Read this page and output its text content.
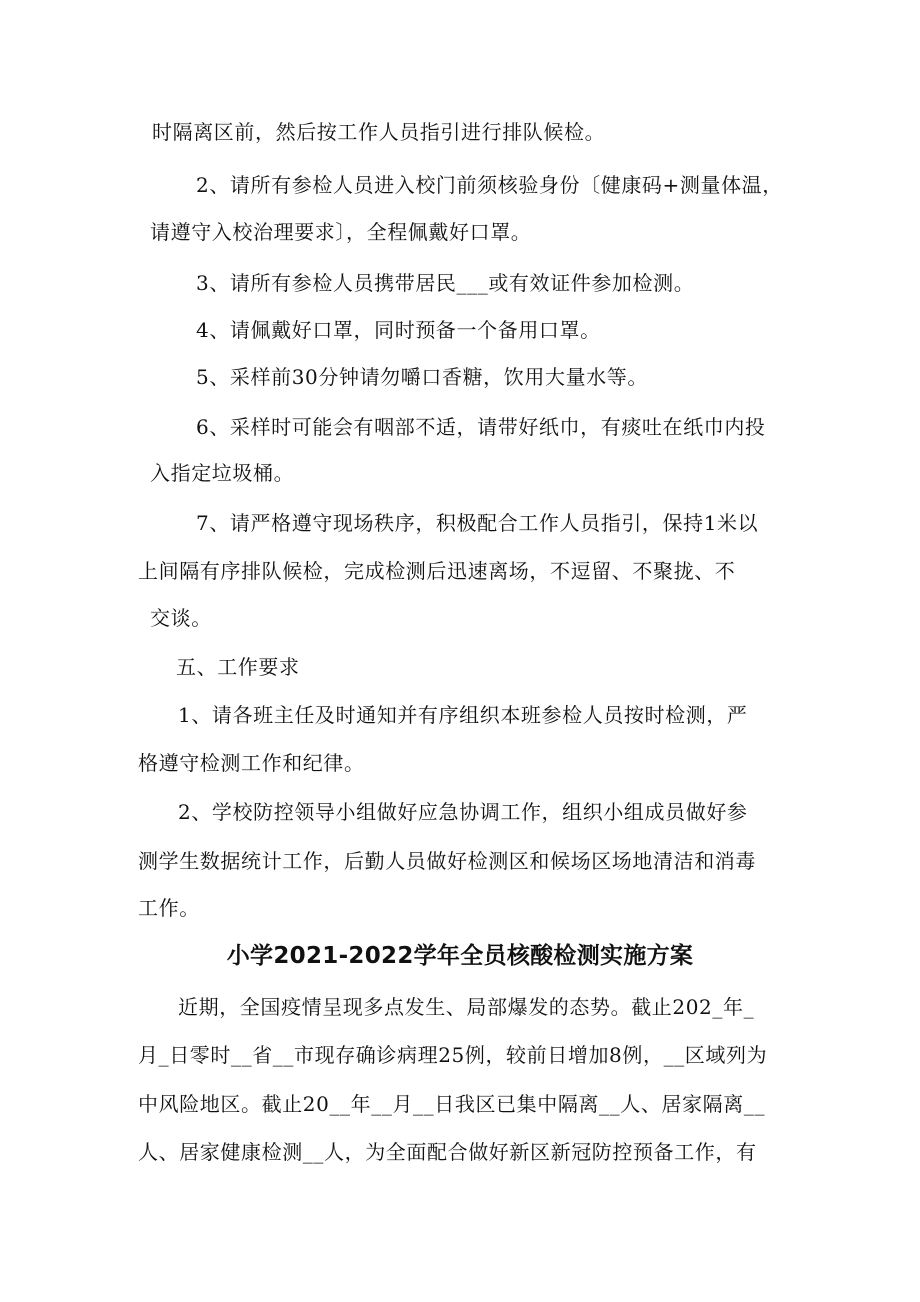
时隔离区前，然后按工作人员指引进行排队候检。
2、请所有参检人员进入校门前须核验身份〔健康码+测量体温，
请遵守入校治理要求〕，全程佩戴好口罩。
3、请所有参检人员携带居民___或有效证件参加检测。
4、请佩戴好口罩，同时预备一个备用口罩。
5、采样前30分钟请勿嚼口香糖，饮用大量水等。
6、采样时可能会有咽部不适，请带好纸巾，有痰吐在纸巾内投
入指定垃圾桶。
7、请严格遵守现场秩序，积极配合工作人员指引，保持1米以
上间隔有序排队候检，完成检测后迅速离场，不逗留、不聚拢、不
交谈。
五、工作要求
1、请各班主任及时通知并有序组织本班参检人员按时检测，严
格遵守检测工作和纪律。
2、学校防控领导小组做好应急协调工作，组织小组成员做好参
测学生数据统计工作，后勤人员做好检测区和候场区场地清洁和消毒
工作。
小学2021-2022学年全员核酸检测实施方案
近期，全国疫情呈现多点发生、局部爆发的态势。截止202_年_
月_日零时__省__市现存确诊病理25例，较前日增加8例，__区域列为
中风险地区。截止20__年__月__日我区已集中隔离__人、居家隔离__
人、居家健康检测__人，为全面配合做好新区新冠防控预备工作，有
